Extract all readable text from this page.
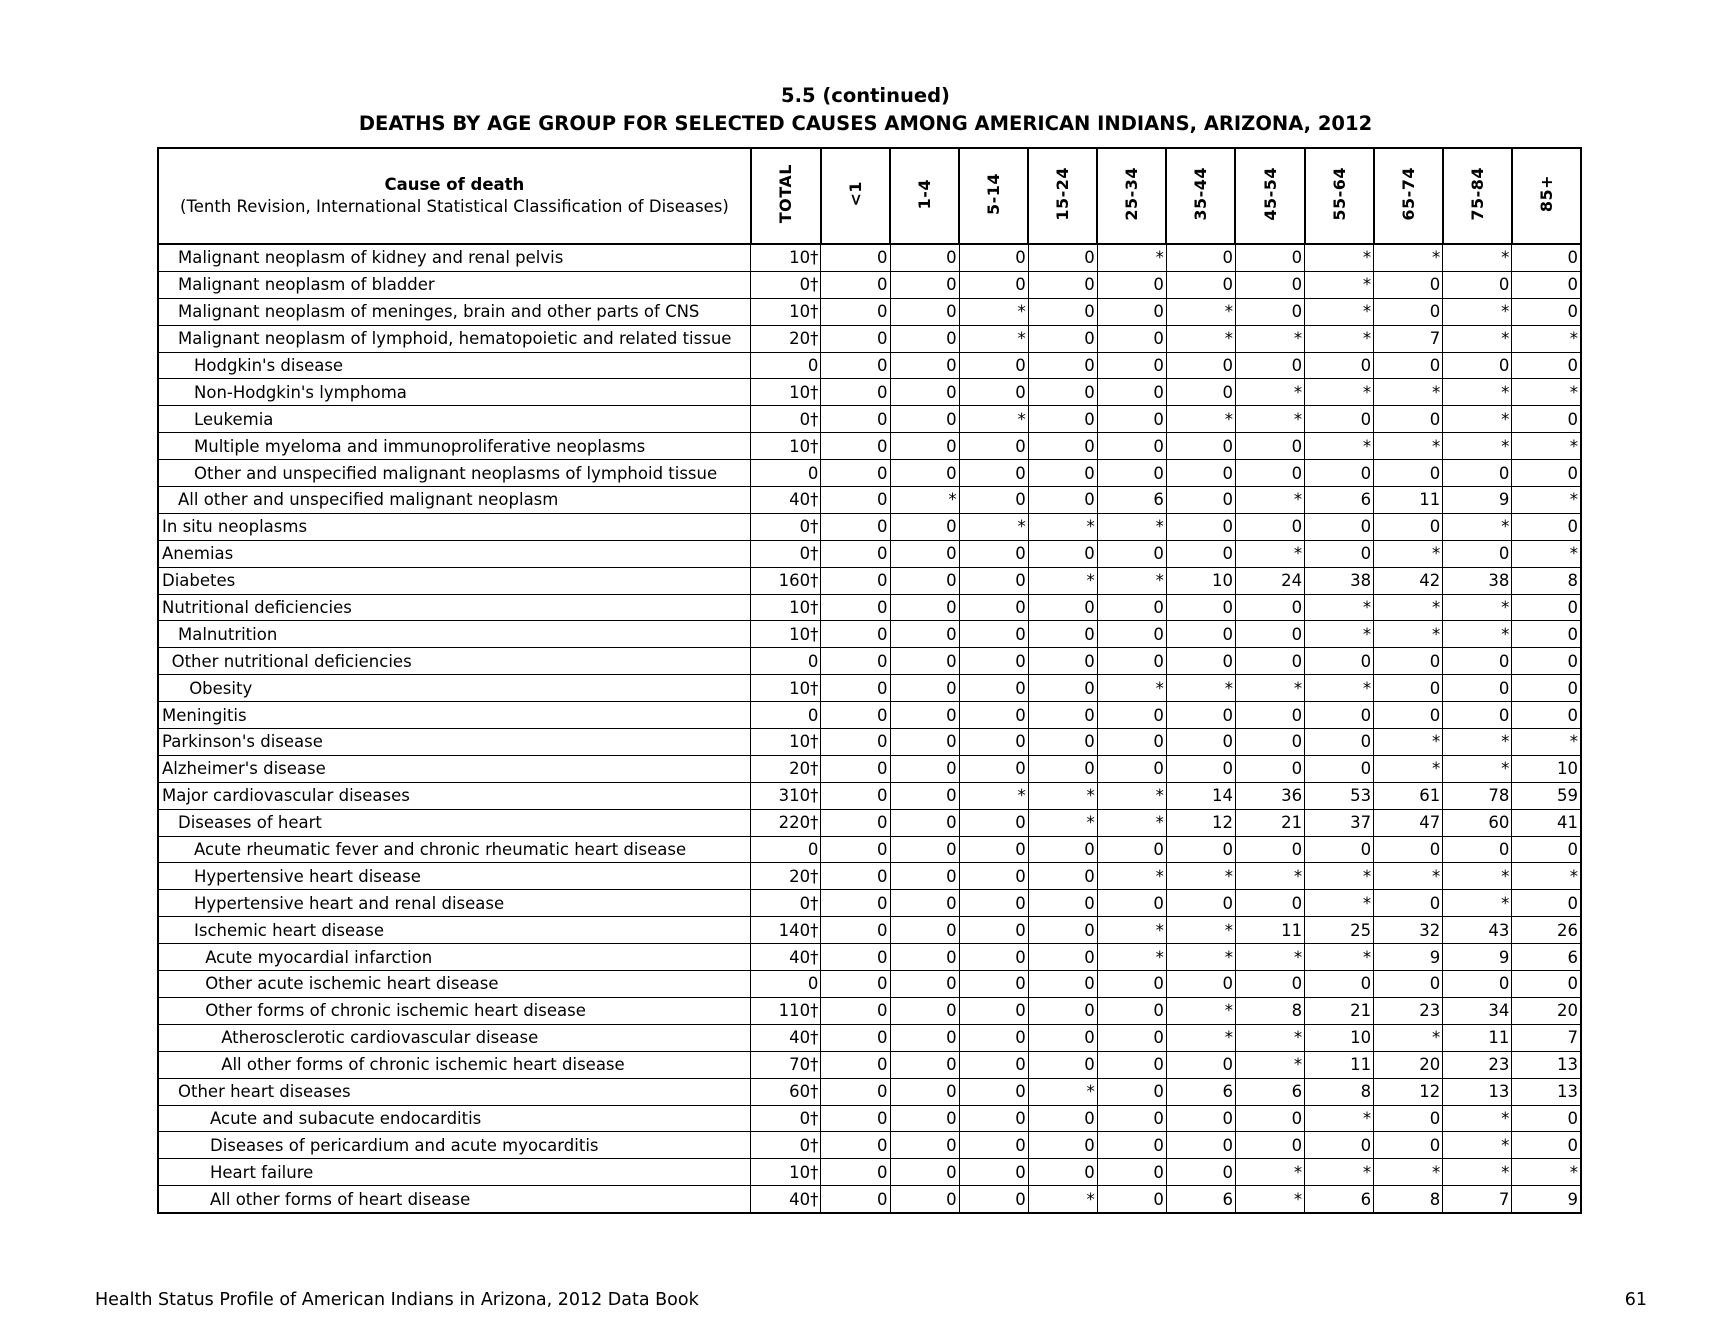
5.5 (continued)
DEATHS BY AGE GROUP FOR SELECTED CAUSES AMONG AMERICAN INDIANS, ARIZONA, 2012
Cause of death
(Tenth Revision, International Statistical Classification of Diseases)	TOTAL	<1	1-4	5-14	15-24	25-34	35-44	45-54	55-64	65-74	75-84	85+
Malignant neoplasm of kidney and renal pelvis	10†	0	0	0	0	*	0	0	*	*	*	0
Malignant neoplasm of bladder	0†	0	0	0	0	0	0	0	*	0	0	0
Malignant neoplasm of meninges, brain and other parts of CNS	10†	0	0	*	0	0	*	0	*	0	*	0
Malignant neoplasm of lymphoid, hematopoietic and related tissue	20†	0	0	*	0	0	*	*	*	7	*	*
Hodgkin's disease	0	0	0	0	0	0	0	0	0	0	0	0
Non-Hodgkin's lymphoma	10†	0	0	0	0	0	0	*	*	*	*	*
Leukemia	0†	0	0	*	0	0	*	*	0	0	*	0
Multiple myeloma and immunoproliferative neoplasms	10†	0	0	0	0	0	0	0	*	*	*	*
Other and unspecified malignant neoplasms of lymphoid tissue	0	0	0	0	0	0	0	0	0	0	0	0
All other and unspecified malignant neoplasm	40†	0	*	0	0	6	0	*	6	11	9	*
In situ neoplasms	0†	0	0	*	*	*	0	0	0	0	*	0
Anemias	0†	0	0	0	0	0	0	*	0	*	0	*
Diabetes	160†	0	0	0	*	*	10	24	38	42	38	8
Nutritional deficiencies	10†	0	0	0	0	0	0	0	*	*	*	0
Malnutrition	10†	0	0	0	0	0	0	0	*	*	*	0
Other nutritional deficiencies	0	0	0	0	0	0	0	0	0	0	0	0
Obesity	10†	0	0	0	0	*	*	*	*	0	0	0
Meningitis	0	0	0	0	0	0	0	0	0	0	0	0
Parkinson's disease	10†	0	0	0	0	0	0	0	0	*	*	*
Alzheimer's disease	20†	0	0	0	0	0	0	0	0	*	*	10
Major cardiovascular diseases	310†	0	0	*	*	*	14	36	53	61	78	59
Diseases of heart	220†	0	0	0	*	*	12	21	37	47	60	41
Acute rheumatic fever and chronic rheumatic heart disease	0	0	0	0	0	0	0	0	0	0	0	0
Hypertensive heart disease	20†	0	0	0	0	*	*	*	*	*	*	*
Hypertensive heart and renal disease	0†	0	0	0	0	0	0	0	*	0	*	0
Ischemic heart disease	140†	0	0	0	0	*	*	11	25	32	43	26
Acute myocardial infarction	40†	0	0	0	0	*	*	*	*	9	9	6
Other acute ischemic heart disease	0	0	0	0	0	0	0	0	0	0	0	0
Other forms of chronic ischemic heart disease	110†	0	0	0	0	0	*	8	21	23	34	20
Atherosclerotic cardiovascular disease	40†	0	0	0	0	0	*	*	10	*	11	7
All other forms of chronic ischemic heart disease	70†	0	0	0	0	0	0	*	11	20	23	13
Other heart diseases	60†	0	0	0	*	0	6	6	8	12	13	13
Acute and subacute endocarditis	0†	0	0	0	0	0	0	0	*	0	*	0
Diseases of pericardium and acute myocarditis	0†	0	0	0	0	0	0	0	0	0	*	0
Heart failure	10†	0	0	0	0	0	0	*	*	*	*	*
All other forms of heart disease	40†	0	0	0	*	0	6	*	6	8	7	9
Health Status Profile of American Indians in Arizona, 2012 Data Book	61
